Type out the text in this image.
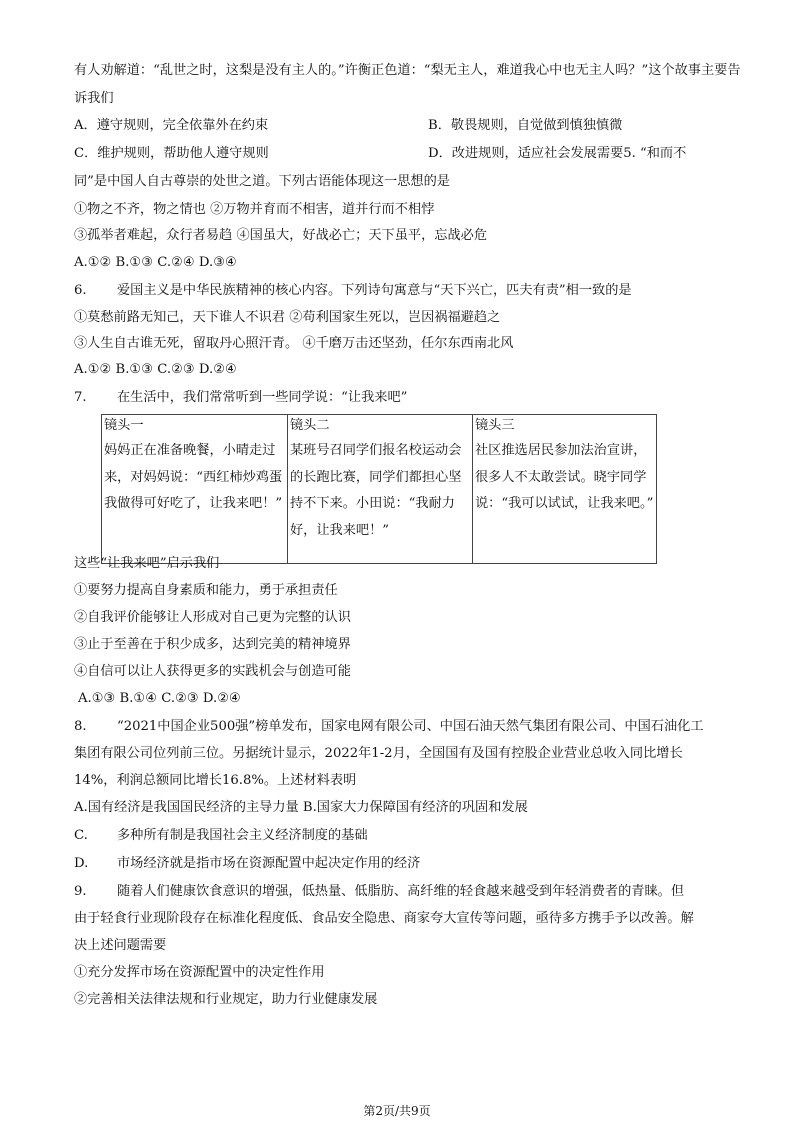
有人劝解道：“乱世之时，这梨是没有主人的。”许衡正色道：“梨无主人，难道我心中也无主人吗？”这个故事主要告
诉我们
A．遵守规则，完全依靠外在约束	B．敬畏规则，自觉做到慎独慎微
C．维护规则，帮助他人遵守规则	D．改进规则，适应社会发展需要5. “和而不
同”是中国人自古尊崇的处世之道。下列古语能体现这一思想的是
①物之不齐，物之情也 ②万物并育而不相害，道并行而不相悖
③孤举者难起，众行者易趋 ④国虽大，好战必亡；天下虽平，忘战必危
A.①② B.①③ C.②④ D.③④
6. 爱国主义是中华民族精神的核心内容。下列诗句寓意与“天下兴亡，匹夫有责”相一致的是
①莫愁前路无知己，天下谁人不识君 ②苟利国家生死以，岂因祸福避趋之
③人生自古谁无死，留取丹心照汗青。 ④千磨万击还坚劲，任尔东西南北风
A.①② B.①③ C.②③ D.②④
7. 在生活中，我们常常听到一些同学说：“让我来吧”
镜头一	镜头二	镜头三
妈妈正在准备晚餐，小晴走过来，对妈妈说：“西红柿炒鸡蛋我做得可好吃了，让我来吧！”	某班号召同学们报名校运动会的长跑比赛，同学们都担心坚持不下来。小田说：“我耐力好，让我来吧！”	社区推选居民参加法治宣讲，很多人不太敢尝试。晓宇同学说：“我可以试试，让我来吧。”
这些“让我来吧”启示我们
①要努力提高自身素质和能力，勇于承担责任
②自我评价能够让人形成对自己更为完整的认识
③止于至善在于积少成多，达到完美的精神境界
④自信可以让人获得更多的实践机会与创造可能
A.①③ B.①④ C.②③ D.②④
8. “2021中国企业500强”榜单发布，国家电网有限公司、中国石油天然气集团有限公司、中国石油化工
集团有限公司位列前三位。另据统计显示，2022年1-2月，全国国有及国有控股企业营业总收入同比增长
14%，利润总额同比增长16.8%。上述材料表明
A.国有经济是我国国民经济的主导力量 B.国家大力保障国有经济的巩固和发展
C. 多种所有制是我国社会主义经济制度的基础
D. 市场经济就是指市场在资源配置中起决定作用的经济
9. 随着人们健康饮食意识的增强，低热量、低脂肪、高纤维的轻食越来越受到年轻消费者的青睐。但
由于轻食行业现阶段存在标准化程度低、食品安全隐患、商家夸大宣传等问题，亟待多方携手予以改善。解
决上述问题需要
①充分发挥市场在资源配置中的决定性作用
②完善相关法律法规和行业规定，助力行业健康发展
第2页/共9页
